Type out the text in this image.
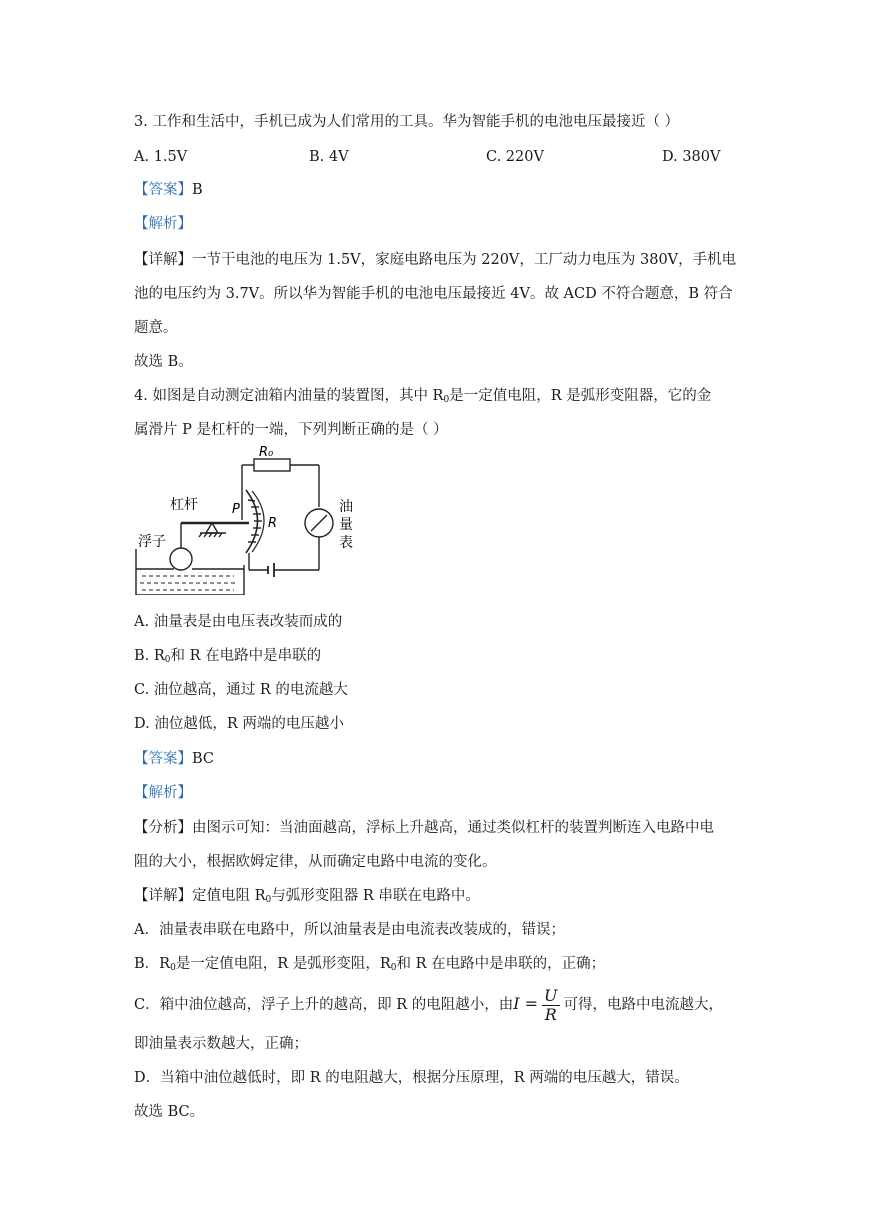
3. 工作和生活中，手机已成为人们常用的工具。华为智能手机的电池电压最接近（ ）
A. 1.5V	B. 4V	C. 220V	D. 380V
【答案】B
【解析】
【详解】一节干电池的电压为 1.5V，家庭电路电压为 220V，工厂动力电压为 380V，手机电
池的电压约为 3.7V。所以华为智能手机的电池电压最接近 4V。故 ACD 不符合题意，B 符合
题意。
故选 B。
4. 如图是自动测定油箱内油量的装置图，其中 $R_0$是一定值电阻，R 是弧形变阻器，它的金
属滑片 P 是杠杆的一端，下列判断正确的是（ ）
R₀
杠杆	P
R
浮子
油
量
表
A. 油量表是由电压表改装而成的
B. $R_0$和 R 在电路中是串联的
C. 油位越高，通过 R 的电流越大
D. 油位越低，R 两端的电压越小
【答案】BC
【解析】
【分析】由图示可知：当油面越高，浮标上升越高，通过类似杠杆的装置判断连入电路中电
阻的大小，根据欧姆定律，从而确定电路中电流的变化。
【详解】定值电阻 $R_0$与弧形变阻器 R 串联在电路中。
A．油量表串联在电路中，所以油量表是由电流表改装成的，错误；
B．$R_0$是一定值电阻，R 是弧形变阻，$R_0$和 R 在电路中是串联的，正确；
C．箱中油位越高，浮子上升的越高，即 R 的电阻越小，由$I = \frac{U}{R}$ 可得，电路中电流越大，
即油量表示数越大，正确；
D．当箱中油位越低时，即 R 的电阻越大，根据分压原理，R 两端的电压越大，错误。
故选 BC。
